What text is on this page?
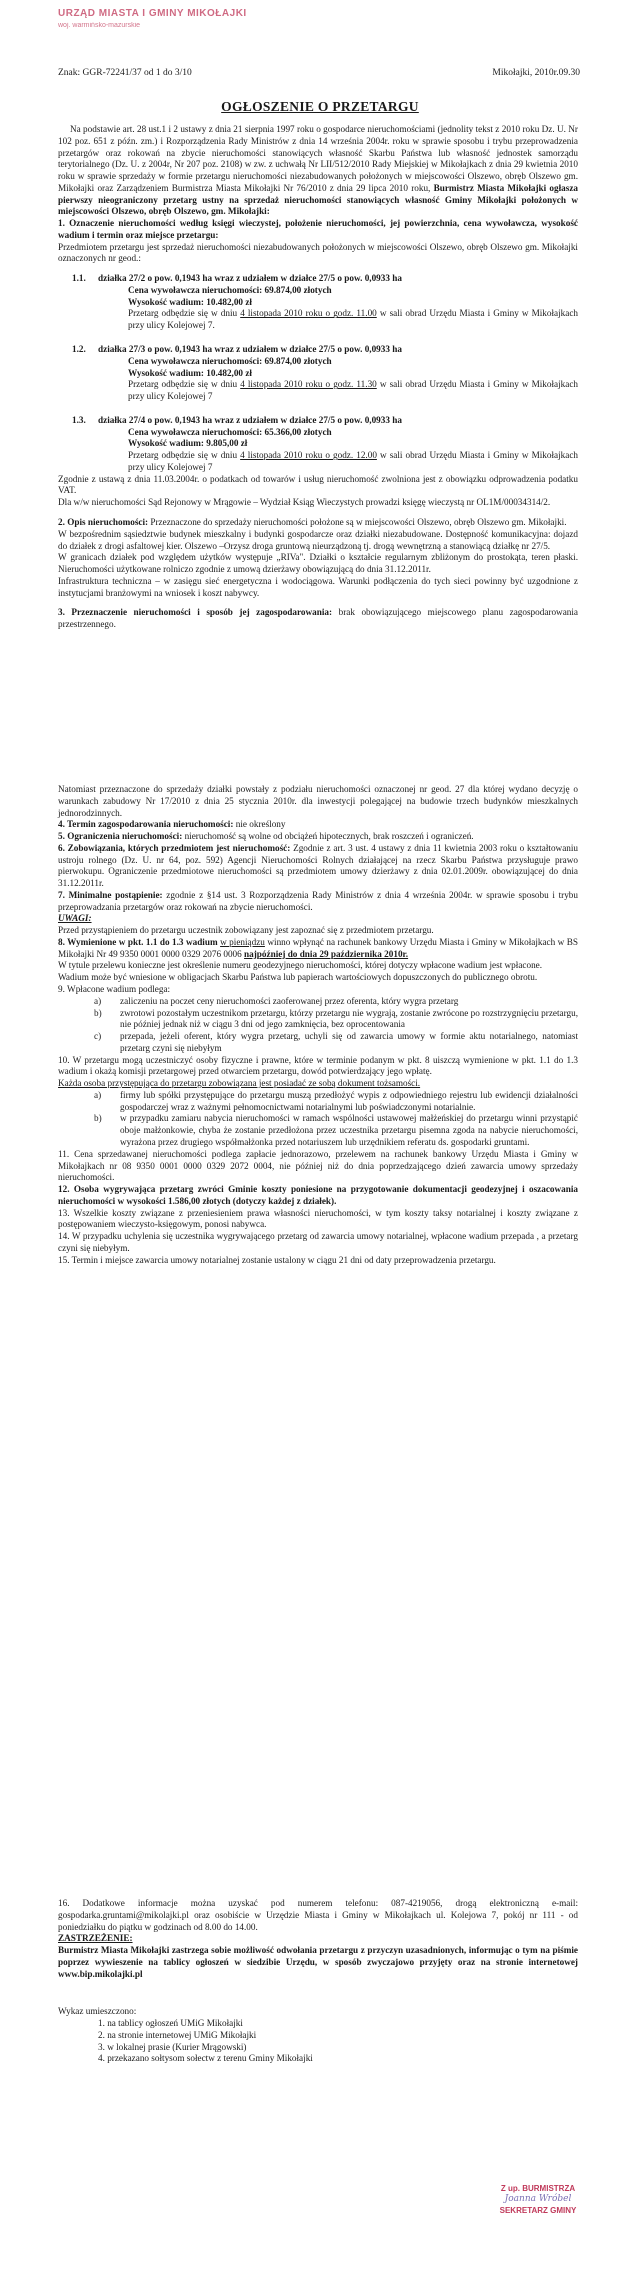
URZĄD MIASTA I GMINY MIKOŁAJKI
woj. warmińsko-mazurskie
Znak: GGR-72241/37 od 1 do 3/10	Mikołajki, 2010r.09.30
OGŁOSZENIE O PRZETARGU

Na podstawie art. 28 ust.1 i 2 ustawy z dnia 21 sierpnia 1997 roku o gospodarce nieruchomościami (jednolity tekst z 2010 roku Dz. U. Nr 102 poz. 651 z późn. zm.) i Rozporządzenia Rady Ministrów z dnia 14 września 2004r. roku w sprawie sposobu i trybu przeprowadzenia przetargów oraz rokowań na zbycie nieruchomości stanowiących własność Skarbu Państwa lub własność jednostek samorządu terytorialnego (Dz. U. z 2004r, Nr 207 poz. 2108) w zw. z uchwałą Nr LII/512/2010 Rady Miejskiej w Mikołajkach z dnia 29 kwietnia 2010 roku w sprawie sprzedaży w formie przetargu nieruchomości niezabudowanych położonych w miejscowości Olszewo, obręb Olszewo gm. Mikołajki oraz Zarządzeniem Burmistrza Miasta Mikołajki Nr 76/2010 z dnia 29 lipca 2010 roku, Burmistrz Miasta Mikołajki ogłasza pierwszy nieograniczony przetarg ustny na sprzedaż nieruchomości stanowiących własność Gminy Mikołajki położonych w miejscowości Olszewo, obręb Olszewo, gm. Mikołajki:

1. Oznaczenie nieruchomości według księgi wieczystej, położenie nieruchomości, jej powierzchnia, cena wywoławcza, wysokość wadium i termin oraz miejsce przetargu:

Przedmiotem przetargu jest sprzedaż nieruchomości niezabudowanych położonych w miejscowości Olszewo, obręb Olszewo gm. Mikołajki oznaczonych nr geod.:

1.1. działka 27/2 o pow. 0,1943 ha wraz z udziałem w działce 27/5 o pow. 0,0933 ha

Cena wywoławcza nieruchomości: 69.874,00 złotych

Wysokość wadium: 10.482,00 zł

Przetarg odbędzie się w dniu 4 listopada 2010 roku o godz. 11.00 w sali obrad Urzędu Miasta i Gminy w Mikołajkach przy ulicy Kolejowej 7.

1.2. działka 27/3 o pow. 0,1943 ha wraz z udziałem w działce 27/5 o pow. 0,0933 ha

Cena wywoławcza nieruchomości: 69.874,00 złotych

Wysokość wadium: 10.482,00 zł

Przetarg odbędzie się w dniu 4 listopada 2010 roku o godz. 11.30 w sali obrad Urzędu Miasta i Gminy w Mikołajkach przy ulicy Kolejowej 7

1.3. działka 27/4 o pow. 0,1943 ha wraz z udziałem w działce 27/5 o pow. 0,0933 ha

Cena wywoławcza nieruchomości: 65.366,00 złotych

Wysokość wadium: 9.805,00 zł

Przetarg odbędzie się w dniu 4 listopada 2010 roku o godz. 12.00 w sali obrad Urzędu Miasta i Gminy w Mikołajkach przy ulicy Kolejowej 7

Zgodnie z ustawą z dnia 11.03.2004r. o podatkach od towarów i usług nieruchomość zwolniona jest z obowiązku odprowadzenia podatku VAT.

Dla w/w nieruchomości Sąd Rejonowy w Mrągowie – Wydział Ksiąg Wieczystych prowadzi księgę wieczystą nr OL1M/00034314/2.

2. Opis nieruchomości: Przeznaczone do sprzedaży nieruchomości położone są w miejscowości Olszewo, obręb Olszewo gm. Mikołajki.

W bezpośrednim sąsiedztwie budynek mieszkalny i budynki gospodarcze oraz działki niezabudowane. Dostępność komunikacyjna: dojazd do działek z drogi asfaltowej kier. Olszewo –Orzysz droga gruntową nieurządzoną tj. drogą wewnętrzną a stanowiącą działkę nr 27/5.

W granicach działek pod względem użytków występuje „RIVa". Działki o kształcie regularnym zbliżonym do prostokąta, teren płaski. Nieruchomości użytkowane rolniczo zgodnie z umową dzierżawy obowiązującą do dnia 31.12.2011r.

Infrastruktura techniczna – w zasięgu sieć energetyczna i wodociągowa. Warunki podłączenia do tych sieci powinny być uzgodnione z instytucjami branżowymi na wniosek i koszt nabywcy.

3. Przeznaczenie nieruchomości i sposób jej zagospodarowania: brak obowiązującego miejscowego planu zagospodarowania przestrzennego.

Natomiast przeznaczone do sprzedaży działki powstały z podziału nieruchomości oznaczonej nr geod. 27 dla której wydano decyzję o warunkach zabudowy Nr 17/2010 z dnia 25 stycznia 2010r. dla inwestycji polegającej na budowie trzech budynków mieszkalnych jednorodzinnych.

4. Termin zagospodarowania nieruchomości: nie określony

5. Ograniczenia nieruchomości: nieruchomość są wolne od obciążeń hipotecznych, brak roszczeń i ograniczeń.

6. Zobowiązania, których przedmiotem jest nieruchomość: Zgodnie z art. 3 ust. 4 ustawy z dnia 11 kwietnia 2003 roku o kształtowaniu ustroju rolnego (Dz. U. nr 64, poz. 592) Agencji Nieruchomości Rolnych działającej na rzecz Skarbu Państwa przysługuje prawo pierwokupu. Ograniczenie przedmiotowe nieruchomości są przedmiotem umowy dzierżawy z dnia 02.01.2009r. obowiązującej do dnia 31.12.2011r.

7. Minimalne postąpienie: zgodnie z §14 ust. 3 Rozporządzenia Rady Ministrów z dnia 4 września 2004r. w sprawie sposobu i trybu przeprowadzania przetargów oraz rokowań na zbycie nieruchomości.

UWAGI:

Przed przystąpieniem do przetargu uczestnik zobowiązany jest zapoznać się z przedmiotem przetargu.

8. Wymienione w pkt. 1.1 do 1.3 wadium w pieniądzu winno wpłynąć na rachunek bankowy Urzędu Miasta i Gminy w Mikołajkach w BS Mikołajki Nr 49 9350 0001 0000 0329 2076 0006 najpóźniej do dnia 29 października 2010r.

W tytule przelewu konieczne jest określenie numeru geodezyjnego nieruchomości, której dotyczy wpłacone wadium jest wpłacone.

Wadium może być wniesione w obligacjach Skarbu Państwa lub papierach wartościowych dopuszczonych do publicznego obrotu.

9. Wpłacone wadium podlega:

a) zaliczeniu na poczet ceny nieruchomości zaoferowanej przez oferenta, który wygra przetarg
b) zwrotowi pozostałym uczestnikom przetargu, którzy przetargu nie wygrają, zostanie zwrócone po rozstrzygnięciu przetargu, nie później jednak niż w ciągu 3 dni od jego zamknięcia, bez oprocentowania
c) przepada, jeżeli oferent, który wygra przetarg, uchyli się od zawarcia umowy w formie aktu notarialnego, natomiast przetarg czyni się niebyłym

10. W przetargu mogą uczestniczyć osoby fizyczne i prawne, które w terminie podanym w pkt. 8 uiszczą wymienione w pkt. 1.1 do 1.3 wadium i okażą komisji przetargowej przed otwarciem przetargu, dowód potwierdzający jego wpłatę.

Każda osoba przystępująca do przetargu zobowiązana jest posiadać ze sobą dokument tożsamości.

a) firmy lub spółki przystępujące do przetargu muszą przedłożyć wypis z odpowiedniego rejestru lub ewidencji działalności gospodarczej wraz z ważnymi pełnomocnictwami notarialnymi lub poświadczonymi notarialnie.
b) w przypadku zamiaru nabycia nieruchomości w ramach wspólności ustawowej małżeńskiej do przetargu winni przystąpić oboje małżonkowie, chyba że zostanie przedłożona przez uczestnika przetargu pisemna zgoda na nabycie nieruchomości, wyrażona przez drugiego współmałżonka przed notariuszem lub urzędnikiem referatu ds. gospodarki gruntami.

11. Cena sprzedawanej nieruchomości podlega zapłacie jednorazowo, przelewem na rachunek bankowy Urzędu Miasta i Gminy w Mikołajkach nr 08 9350 0001 0000 0329 2072 0004, nie później niż do dnia poprzedzającego dzień zawarcia umowy sprzedaży nieruchomości.

12. Osoba wygrywająca przetarg zwróci Gminie koszty poniesione na przygotowanie dokumentacji geodezyjnej i oszacowania nieruchomości w wysokości 1.586,00 złotych (dotyczy każdej z działek).

13. Wszelkie koszty związane z przeniesieniem prawa własności nieruchomości, w tym koszty taksy notarialnej i koszty związane z postępowaniem wieczysto-księgowym, ponosi nabywca.

14. W przypadku uchylenia się uczestnika wygrywającego przetarg od zawarcia umowy notarialnej, wpłacone wadium przepada , a przetarg czyni się niebyłym.

15. Termin i miejsce zawarcia umowy notarialnej zostanie ustalony w ciągu 21 dni od daty przeprowadzenia przetargu.

16. Dodatkowe informacje można uzyskać pod numerem telefonu: 087-4219056, drogą elektroniczną e-mail: gospodarka.gruntami@mikolajki.pl oraz osobiście w Urzędzie Miasta i Gminy w Mikołajkach ul. Kolejowa 7, pokój nr 111 - od poniedziałku do piątku w godzinach od 8.00 do 14.00.

ZASTRZEŻENIE:

Burmistrz Miasta Mikołajki zastrzega sobie możliwość odwołania przetargu z przyczyn uzasadnionych, informując o tym na piśmie poprzez wywieszenie na tablicy ogłoszeń w siedzibie Urzędu, w sposób zwyczajowo przyjęty oraz na stronie internetowej www.bip.mikolajki.pl

Wykaz umieszczono:

1. na tablicy ogłoszeń UMiG Mikołajki

2. na stronie internetowej UMiG Mikołajki

3. w lokalnej prasie (Kurier Mrągowski)

4. przekazano sołtysom sołectw z terenu Gminy Mikołajki

Z up. BURMISTRZA
Joanna Wróbel
SEKRETARZ GMINY
